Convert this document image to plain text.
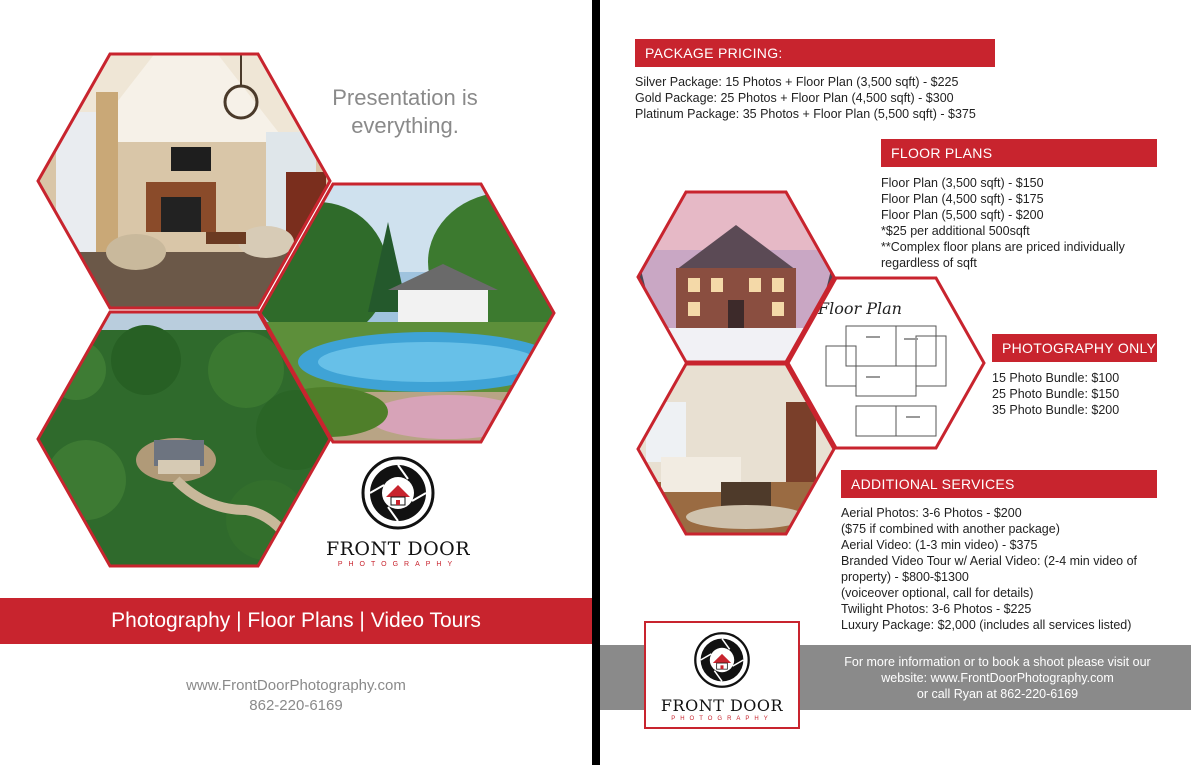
Presentation is
everything.
FRONT DOOR
PHOTOGRAPHY
Photography | Floor Plans | Video Tours
www.FrontDoorPhotography.com
862-220-6169
PACKAGE PRICING:
Silver Package: 15 Photos + Floor Plan (3,500 sqft) - $225
Gold Package: 25 Photos + Floor Plan (4,500 sqft) - $300
Platinum Package: 35 Photos + Floor Plan (5,500 sqft) - $375
FLOOR PLANS
Floor Plan (3,500 sqft) - $150
Floor Plan (4,500 sqft) - $175
Floor Plan (5,500 sqft) - $200
*$25 per additional 500sqft
**Complex floor plans are priced individually
regardless of sqft
Floor Plan
PHOTOGRAPHY ONLY
15 Photo Bundle: $100
25 Photo Bundle: $150
35 Photo Bundle: $200
ADDITIONAL SERVICES
Aerial Photos: 3-6 Photos - $200
($75 if combined with another package)
Aerial Video: (1-3 min video) - $375
Branded Video Tour w/ Aerial Video: (2-4 min video of
property) - $800-$1300
(voiceover optional, call for details)
Twilight Photos: 3-6 Photos - $225
Luxury Package: $2,000 (includes all services listed)
For more information or to book a shoot please visit our
website: www.FrontDoorPhotography.com
or call Ryan at 862-220-6169
FRONT DOOR
PHOTOGRAPHY
